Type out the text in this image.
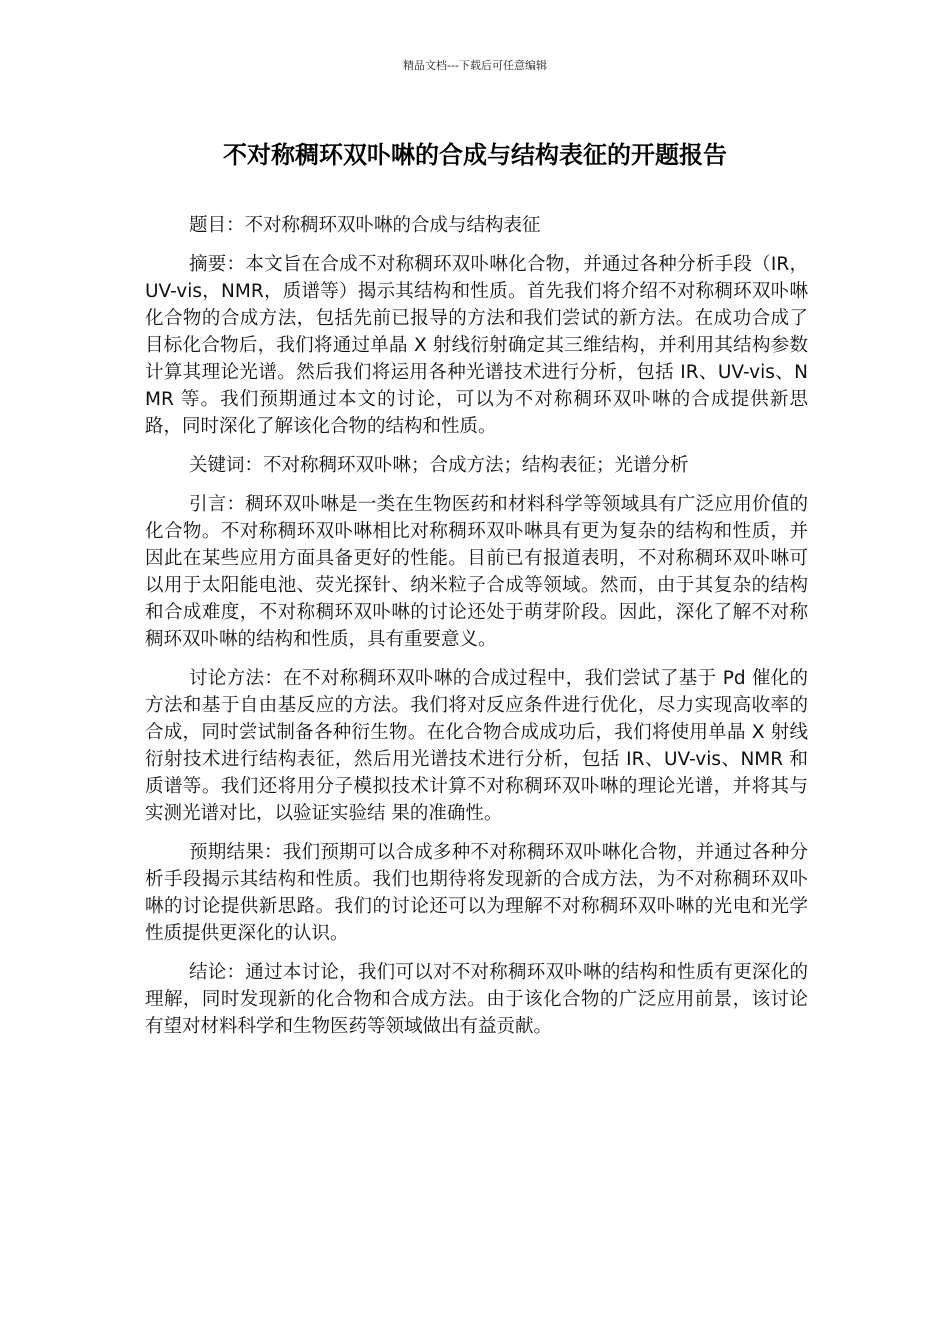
精品文档---下载后可任意编辑
不对称稠环双卟啉的合成与结构表征的开题报告

题目：不对称稠环双卟啉的合成与结构表征

摘要：本文旨在合成不对称稠环双卟啉化合物，并通过各种分析手段（IR，UV-vis，NMR，质谱等）揭示其结构和性质。首先我们将介绍不对称稠环双卟啉化合物的合成方法，包括先前已报导的方法和我们尝试的新方法。在成功合成了目标化合物后，我们将通过单晶 X 射线衍射确定其三维结构，并利用其结构参数计算其理论光谱。然后我们将运用各种光谱技术进行分析，包括 IR、UV-vis、NMR 等。我们预期通过本文的讨论，可以为不对称稠环双卟啉的合成提供新思路，同时深化了解该化合物的结构和性质。

关键词：不对称稠环双卟啉；合成方法；结构表征；光谱分析

引言：稠环双卟啉是一类在生物医药和材料科学等领域具有广泛应用价值的化合物。不对称稠环双卟啉相比对称稠环双卟啉具有更为复杂的结构和性质，并因此在某些应用方面具备更好的性能。目前已有报道表明，不对称稠环双卟啉可以用于太阳能电池、荧光探针、纳米粒子合成等领域。然而，由于其复杂的结构和合成难度，不对称稠环双卟啉的讨论还处于萌芽阶段。因此，深化了解不对称稠环双卟啉的结构和性质，具有重要意义。

讨论方法：在不对称稠环双卟啉的合成过程中，我们尝试了基于 Pd 催化的方法和基于自由基反应的方法。我们将对反应条件进行优化，尽力实现高收率的合成，同时尝试制备各种衍生物。在化合物合成成功后，我们将使用单晶 X 射线衍射技术进行结构表征，然后用光谱技术进行分析，包括 IR、UV-vis、NMR 和质谱等。我们还将用分子模拟技术计算不对称稠环双卟啉的理论光谱，并将其与实测光谱对比，以验证实验结 果的准确性。

预期结果：我们预期可以合成多种不对称稠环双卟啉化合物，并通过各种分析手段揭示其结构和性质。我们也期待将发现新的合成方法，为不对称稠环双卟啉的讨论提供新思路。我们的讨论还可以为理解不对称稠环双卟啉的光电和光学性质提供更深化的认识。

结论：通过本讨论，我们可以对不对称稠环双卟啉的结构和性质有更深化的理解，同时发现新的化合物和合成方法。由于该化合物的广泛应用前景，该讨论有望对材料科学和生物医药等领域做出有益贡献。
